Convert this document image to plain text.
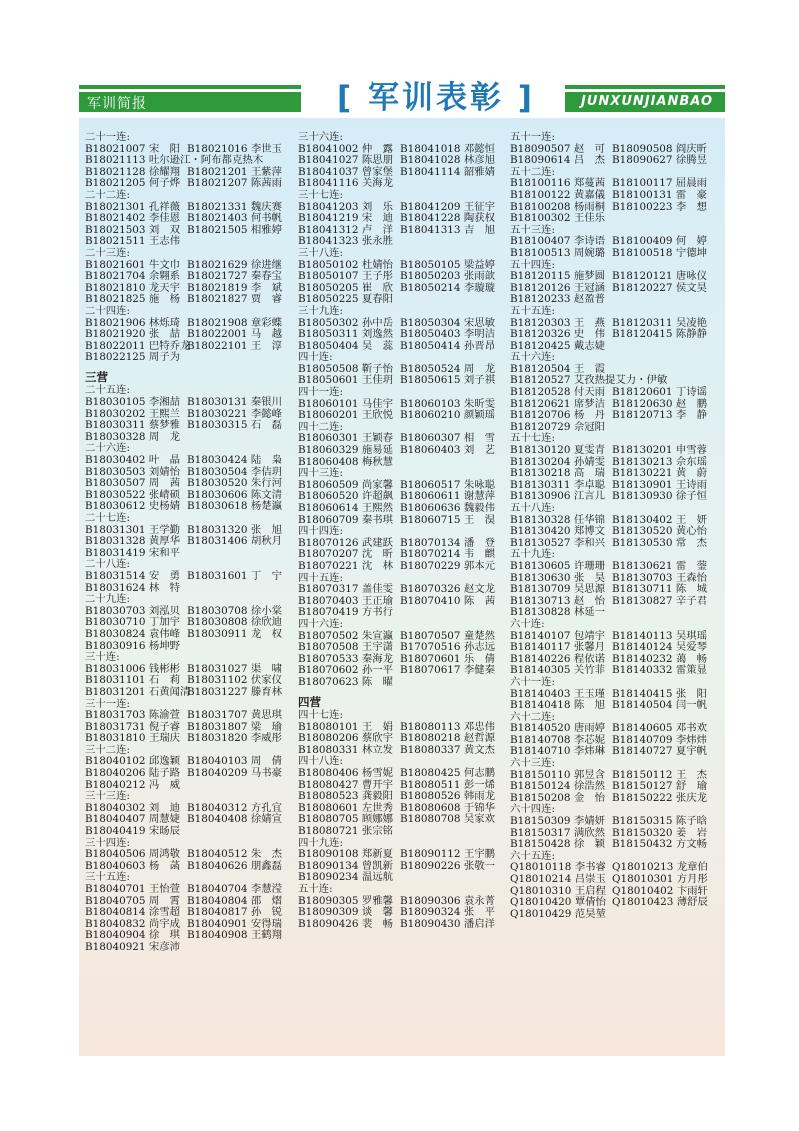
军训简报	JUNXUNJIANBAO
[ 军训表彰 ]
二十一连:
B18021007 宋　阳 B18021016 李世玉
B18021113 吐尔逊江・阿布都克热木
B18021128 徐耀翔 B18021201 王紫萍
B18021205 何子烨 B18021207 陈茜雨
二十二连:
B18021301 孔祥薇 B18021331 魏庆赛
B18021402 李佳恩 B18021403 何书帆
B18021503 刘　双 B18021505 相雅婷
B18021511 王志伟
二十三连:
B18021601 牛文巾 B18021629 徐进继
B18021704 余翱系 B18021727 秦春宝
B18021810 龙天宇 B18021819 李　斌
B18021825 施　杨 B18021827 贾　睿
二十四连:
B18021906 林烁琦 B18021908 章彩蝶
B18021920 张　喆 B18022001 马　越
B18022011 巴特乔龙
B18022101 王　淳
B18022125 周子为
三营
二十五连:
B18030105 李湘喆 B18030131 秦银川
B18030202 王熙兰 B18030221 李懿峰
B18030311 蔡梦雅 B18030315 石　磊
B18030328 周　龙
二十六连:
B18030402 叶　晶 B18030424 陆　枭
B18030503 刘婧怡 B18030504 李佶玥
B18030507 周　茜 B18030520 朱行河
B18030522 张崝硕 B18030606 陈文清
B18030612 史杨婧 B18030618 杨楚瀛
二十七连:
B18031301 王学勤 B18031320 张　旭
B18031328 黄厚华 B18031406 胡秋月
B18031419 宋和平
二十八连:
B18031514 安　勇 B18031601 丁　宁
B18031624 林　特
二十九连:
B18030703 刘泓贝 B18030708 徐小棠
B18030710 丁加宇 B18030808 徐欣迪
B18030824 袁伟峰 B18030911 龙　权
B18030916 杨坤野
三十连:
B18031006 钱彬彬 B18031027 渠　啸
B18031101 石　莉 B18031102 伏家仪
B18031201 石黄闻清
B18031227 滕育林
三十一连:
B18031703 陈渝萱 B18031707 黄思琪
B18031731 倪子睿 B18031807 梁　瑜
B18031810 王瑞庆 B18031820 李威彤
三十二连:
B18040102 邱逸颖 B18040103 周　倩
B18040206 陆子路 B18040209 马书豪
B18040212 冯　威
三十三连:
B18040302 刘　迪 B18040312 方孔宜
B18040407 周慧婕 B18040408 徐婧宣
B18040419 宋旸辰
三十四连:
B18040506 周鸿敬 B18040512 朱　杰
B18040603 杨　菡 B18040626 朋鑫磊
三十五连:
B18040701 王怡萱 B18040704 李慧滢
B18040705 周　霄 B18040804 邵　熠
B18040814 涂雪超 B18040817 孙　锐
B18040832 尚宇成 B18040901 安得瑞
B18040904 徐　琪 B18040908 王鹤翔
B18040921 宋彦沛
三十六连:
B18041002 仲　露 B18041018 邓懿恒
B18041027 陈思朋 B18041028 林彦旭
B18041037 曾家堡 B18041114 韶雅婧
B18041116 关海龙
三十七连:
B18041203 刘　乐 B18041209 王征宇
B18041219 宋　迪 B18041228 陶获权
B18041312 卢　洋 B18041313 吉　旭
B18041323 张永胜
三十八连:
B18050102 杜婧怡 B18050105 梁益婷
B18050107 王子彤 B18050203 张雨歆
B18050205 崔　欣 B18050214 李璇璇
B18050225 夏春阳
三十九连:
B18050302 孙中岳 B18050304 宋思敏
B18050311 刘逸然 B18050403 李明洁
B18050404 吴　蕊 B18050414 孙晋昂
四十连:
B18050508 靳子怡 B18050524 周　龙
B18050601 王佳玥 B18050615 刘子祺
四十一连:
B18060101 马佳宇 B18060103 朱昕雯
B18060201 王欣悦 B18060210 颜颖瑶
四十二连:
B18060301 王颖春 B18060307 相　雪
B18060329 施易延 B18060403 刘　艺
B18060408 梅秋慧
四十三连:
B18060509 尚家馨 B18060517 朱咏聪
B18060520 许超飙 B18060611 谢慧萍
B18060614 王熙然 B18060636 魏毅伟
B18060709 秦书琪 B18060715 王　淏
四十四连:
B18070126 武建跃 B18070134 潘　登
B18070207 沈　昕 B18070214 韦　麒
B18070221 沈　林 B18070229 郭本元
四十五连:
B18070317 盖佳雯 B18070326 赵文龙
B18070403 王正瑜 B18070410 陈　茜
B18070419 方书行
四十六连:
B18070502 朱宣瀛 B18070507 童楚然
B18070508 王宇潇 B17070516 孙志远
B18070533 秦海龙 B18070601 乐　倩
B18070602 孙一平 B18070617 李健秦
B18070623 陈　曜
四营
四十七连:
B18080101 王　娟 B18080113 邓忠伟
B18080206 蔡欣宇 B18080218 赵哲源
B18080331 林立发 B18080337 黄文杰
四十八连:
B18080406 杨雪妮 B18080425 何志鹏
B18080427 曹开宇 B18080511 彭一烯
B18080523 龚毅阳 B18080526 韩雨龙
B18080601 左世秀 B18080608 于锦华
B18080705 顾娜娜 B18080708 吴家欢
B18080721 张宗铭
四十九连:
B18090108 郑新夏 B18090112 王宇鹏
B18090134 曾凯新 B18090226 张敬一
B18090234 温远航
五十连:
B18090305 罗雅馨 B18090306 袁永菁
B18090309 谈　馨 B18090324 张　平
B18090426 裴　畅 B18090430 潘启洋
五十一连:
B18090507 赵　可 B18090508 阎庆昕
B18090614 吕　杰 B18090627 徐腾昱
五十二连:
B18100116 郑蔓茜 B18100117 屈晨雨
B18100122 黄嘉儀 B18100131 雷　豪
B18100208 杨雨桐 B18100223 李　想
B18100302 王佳乐
五十三连:
B18100407 李诗语 B18100409 何　婷
B18100513 周婉璐 B18100518 宁德坤
五十四连:
B18120115 施梦圆 B18120121 唐咏仪
B18120126 王冠涵 B18120227 侯文昊
B18120233 赵盈普
五十五连:
B18120303 王　燕 B18120311 吴凌艳
B18120326 史　伟 B18120415 陈静静
B18120425 戴志婕
五十六连:
B18120504 王　霞
B18120527 艾孜热提艾力・伊敏
B18120528 付天雨 B18120601 丁诗谣
B18120621 席梦洁 B18120630 赵　鹏
B18120706 杨　丹 B18120713 李　静
B18120729 佘冠阳
五十七连:
B18130120 夏雯青 B18130201 申雪蓉
B18130204 孙婧雯 B18130213 佘东瑶
B18130218 高　瑞 B18130221 黄　蔚
B18130311 李卓聪 B18130901 王诗雨
B18130906 江言儿 B18130930 徐子恒
五十八连:
B18130328 任华锦 B18130402 王　妍
B18130420 郑博文 B18130520 黄心怡
B18130527 李和兴 B18130530 常　杰
五十九连:
B18130605 许珊珊 B18130621 雷　蓥
B18130630 张　昊 B18130703 王森怡
B18130709 吴思源 B18130711 陈　城
B18130713 赵　怡 B18130827 辛子君
B18130828 林延一
六十连:
B18140107 包靖宇 B18140113 吴琪瑶
B18140117 张馨月 B18140124 吴爱琴
B18140226 程依诺 B18140232 蔼　畅
B18140305 关竹菲 B18140332 雷策显
六十一连:
B18140403 王玉瑾 B18140415 张　阳
B18140418 陈　旭 B18140504 闫一帆
六十二连:
B18140520 唐雨婷 B18140605 邓书欢
B18140708 李芯妮 B18140709 李炜炜
B18140710 李炜琳 B18140727 夏宇帆
六十三连:
B18150110 郭昱含 B18150112 王　杰
B18150124 徐浩然 B18150127 舒　瑜
B18150208 金　怡 B18150222 张庆龙
六十四连:
B18150309 李婧妍 B18150315 陈子晗
B18150317 满欣然 B18150320 姜　岩
B18150428 徐　颖 B18150432 方文畅
六十五连:
Q18010118 李书睿 Q18010213 龙章伯
Q18010214 吕崇玉 Q18010301 方月彤
Q18010310 王启程 Q18010402 卞雨轩
Q18010420 覃倩怡 Q18010423 薄舒辰
Q18010429 范昊堃
